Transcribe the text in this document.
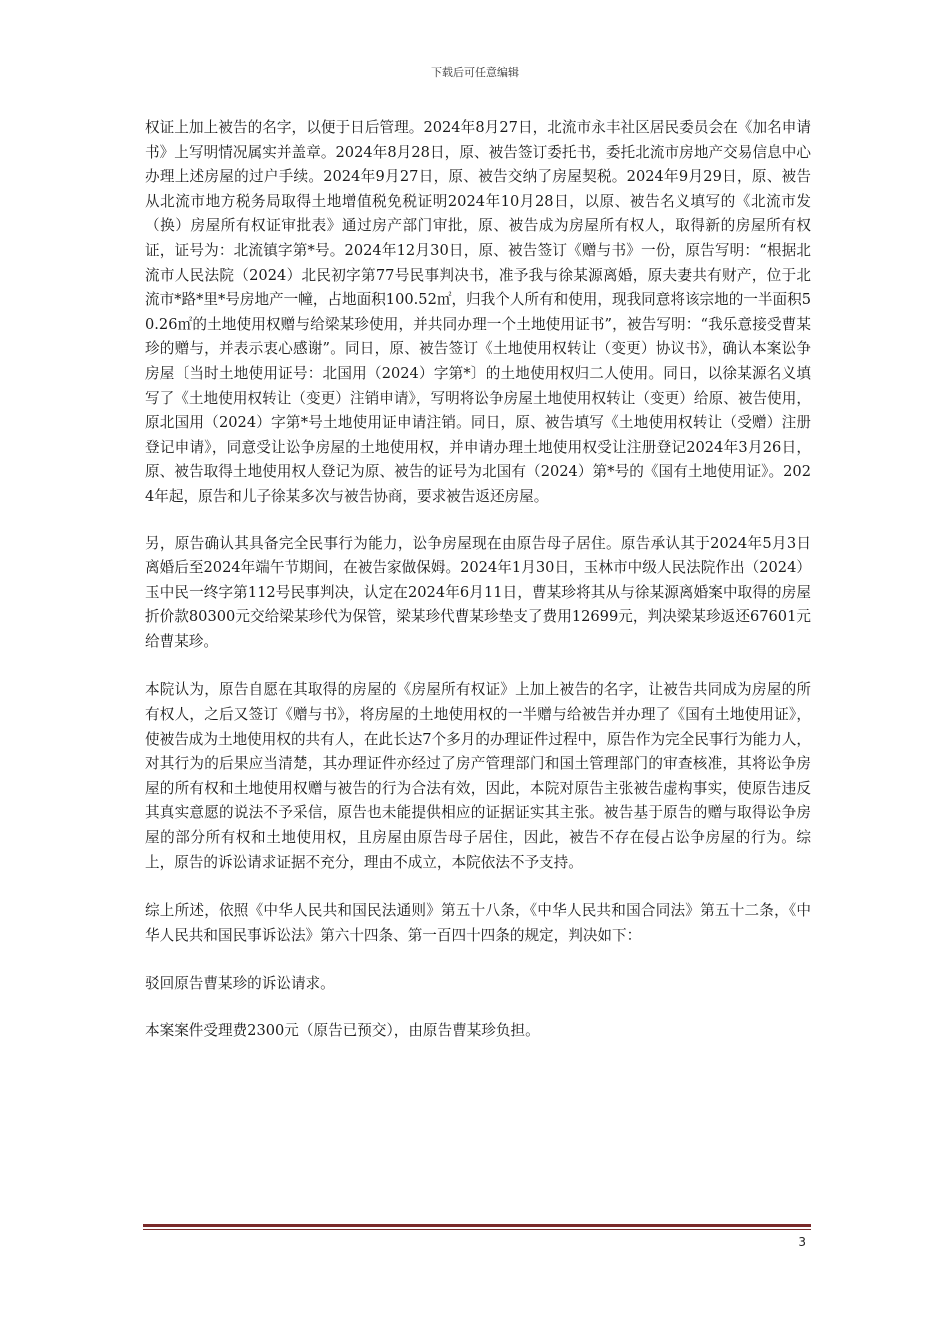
下载后可任意编辑

权证上加上被告的名字，以便于日后管理。2024年8月27日，北流市永丰社区居民委员会在《加名申请书》上写明情况属实并盖章。2024年8月28日，原、被告签订委托书，委托北流市房地产交易信息中心办理上述房屋的过户手续。2024年9月27日，原、被告交纳了房屋契税。2024年9月29日，原、被告从北流市地方税务局取得土地增值税免税证明2024年10月28日，以原、被告名义填写的《北流市发（换）房屋所有权证审批表》通过房产部门审批，原、被告成为房屋所有权人，取得新的房屋所有权证，证号为：北流镇字第*号。2024年12月30日，原、被告签订《赠与书》一份，原告写明：“根据北流市人民法院（2024）北民初字第77号民事判决书，准予我与徐某源离婚，原夫妻共有财产，位于北流市*路*里*号房地产一幢，占地面积100.52㎡，归我个人所有和使用，现我同意将该宗地的一半面积50.26㎡的土地使用权赠与给梁某珍使用，并共同办理一个土地使用证书”，被告写明：“我乐意接受曹某珍的赠与，并表示衷心感谢”。同日，原、被告签订《土地使用权转让（变更）协议书》，确认本案讼争房屋〔当时土地使用证号：北国用（2024）字第*〕的土地使用权归二人使用。同日，以徐某源名义填写了《土地使用权转让（变更）注销申请》，写明将讼争房屋土地使用权转让（变更）给原、被告使用，原北国用（2024）字第*号土地使用证申请注销。同日，原、被告填写《土地使用权转让（受赠）注册登记申请》，同意受让讼争房屋的土地使用权，并申请办理土地使用权受让注册登记2024年3月26日，原、被告取得土地使用权人登记为原、被告的证号为北国有（2024）第*号的《国有土地使用证》。2024年起，原告和儿子徐某多次与被告协商，要求被告返还房屋。

另，原告确认其具备完全民事行为能力，讼争房屋现在由原告母子居住。原告承认其于2024年5月3日离婚后至2024年端午节期间，在被告家做保姆。2024年1月30日，玉林市中级人民法院作出（2024）玉中民一终字第112号民事判决，认定在2024年6月11日，曹某珍将其从与徐某源离婚案中取得的房屋折价款80300元交给梁某珍代为保管，梁某珍代曹某珍垫支了费用12699元，判决梁某珍返还67601元给曹某珍。

本院认为，原告自愿在其取得的房屋的《房屋所有权证》上加上被告的名字，让被告共同成为房屋的所有权人，之后又签订《赠与书》，将房屋的土地使用权的一半赠与给被告并办理了《国有土地使用证》，使被告成为土地使用权的共有人，在此长达7个多月的办理证件过程中，原告作为完全民事行为能力人，对其行为的后果应当清楚，其办理证件亦经过了房产管理部门和国土管理部门的审查核准，其将讼争房屋的所有权和土地使用权赠与被告的行为合法有效，因此，本院对原告主张被告虚构事实，使原告违反其真实意愿的说法不予采信，原告也未能提供相应的证据证实其主张。被告基于原告的赠与取得讼争房屋的部分所有权和土地使用权，且房屋由原告母子居住，因此，被告不存在侵占讼争房屋的行为。综上，原告的诉讼请求证据不充分，理由不成立，本院依法不予支持。

综上所述，依照《中华人民共和国民法通则》第五十八条，《中华人民共和国合同法》第五十二条，《中华人民共和国民事诉讼法》第六十四条、第一百四十四条的规定，判决如下：

驳回原告曹某珍的诉讼请求。

本案案件受理费2300元（原告已预交），由原告曹某珍负担。

3
